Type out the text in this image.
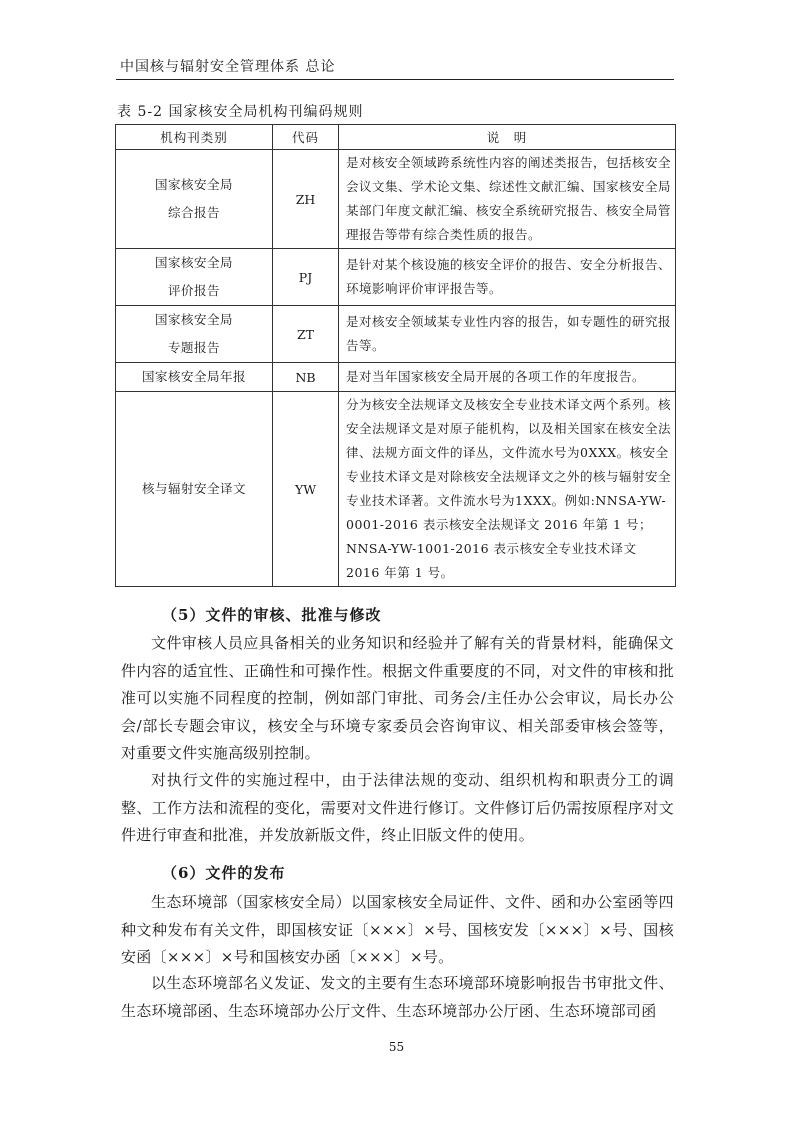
中国核与辐射安全管理体系 总论
表 5-2 国家核安全局机构刊编码规则
机构刊类别	代码	说　明

国家核安全局
综合报告	ZH	是对核安全领域跨系统性内容的阐述类报告，包括核安全会议文集、学术论文集、综述性文献汇编、国家核安全局某部门年度文献汇编、核安全系统研究报告、核安全局管理报告等带有综合类性质的报告。

国家核安全局
评价报告	PJ	是针对某个核设施的核安全评价的报告、安全分析报告、环境影响评价审评报告等。

国家核安全局
专题报告	ZT	是对核安全领域某专业性内容的报告，如专题性的研究报告等。

国家核安全局年报	NB	是对当年国家核安全局开展的各项工作的年度报告。

核与辐射安全译文	YW	分为核安全法规译文及核安全专业技术译文两个系列。核安全法规译文是对原子能机构，以及相关国家在核安全法律、法规方面文件的译丛，文件流水号为0XXX。核安全专业技术译文是对除核安全法规译文之外的核与辐射安全专业技术译著。文件流水号为1XXX。例如:NNSA-YW-0001-2016 表示核安全法规译文 2016 年第 1 号；NNSA-YW-1001-2016 表示核安全专业技术译文 2016 年第 1 号。
（5）文件的审核、批准与修改
文件审核人员应具备相关的业务知识和经验并了解有关的背景材料，能确保文件内容的适宜性、正确性和可操作性。根据文件重要度的不同，对文件的审核和批准可以实施不同程度的控制，例如部门审批、司务会/主任办公会审议，局长办公会/部长专题会审议，核安全与环境专家委员会咨询审议、相关部委审核会签等，对重要文件实施高级别控制。
对执行文件的实施过程中，由于法律法规的变动、组织机构和职责分工的调整、工作方法和流程的变化，需要对文件进行修订。文件修订后仍需按原程序对文件进行审查和批准，并发放新版文件，终止旧版文件的使用。
（6）文件的发布
生态环境部（国家核安全局）以国家核安全局证件、文件、函和办公室函等四种文种发布有关文件，即国核安证〔×××〕×号、国核安发〔×××〕×号、国核安函〔×××〕×号和国核安办函〔×××〕×号。
以生态环境部名义发证、发文的主要有生态环境部环境影响报告书审批文件、生态环境部函、生态环境部办公厅文件、生态环境部办公厅函、生态环境部司函
55
